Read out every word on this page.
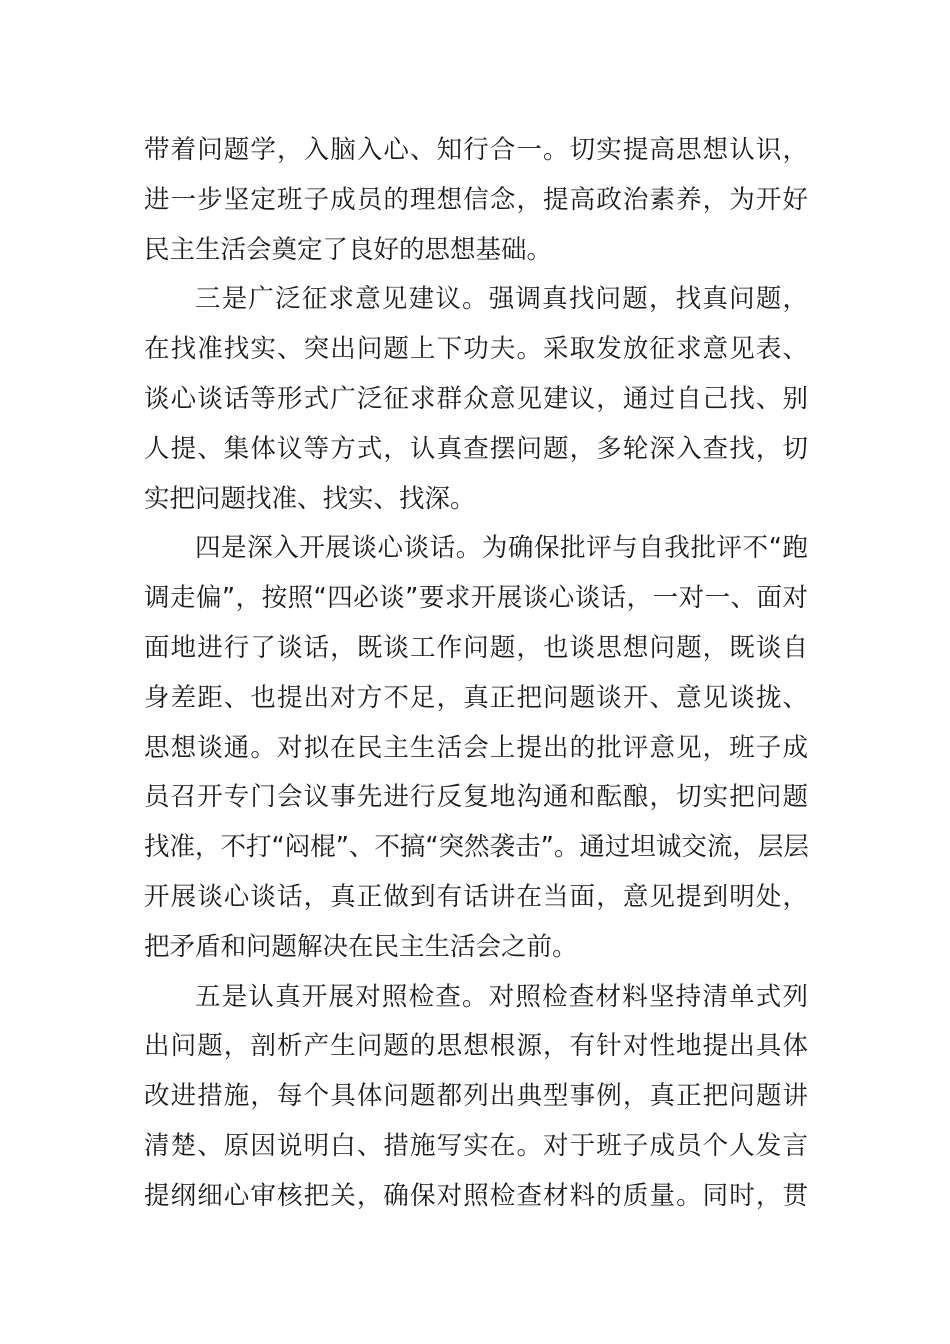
带着问题学，入脑入心、知行合一。切实提高思想认识，
进一步坚定班子成员的理想信念，提高政治素养，为开好
民主生活会奠定了良好的思想基础。
三是广泛征求意见建议。强调真找问题，找真问题，
在找准找实、突出问题上下功夫。采取发放征求意见表、
谈心谈话等形式广泛征求群众意见建议，通过自己找、别
人提、集体议等方式，认真查摆问题，多轮深入查找，切
实把问题找准、找实、找深。
四是深入开展谈心谈话。为确保批评与自我批评不“跑
调走偏”，按照“四必谈”要求开展谈心谈话，一对一、面对
面地进行了谈话，既谈工作问题，也谈思想问题，既谈自
身差距、也提出对方不足，真正把问题谈开、意见谈拢、
思想谈通。对拟在民主生活会上提出的批评意见，班子成
员召开专门会议事先进行反复地沟通和酝酿，切实把问题
找准，不打“闷棍”、不搞“突然袭击”。通过坦诚交流，层层
开展谈心谈话，真正做到有话讲在当面，意见提到明处，
把矛盾和问题解决在民主生活会之前。
五是认真开展对照检查。对照检查材料坚持清单式列
出问题，剖析产生问题的思想根源，有针对性地提出具体
改进措施，每个具体问题都列出典型事例，真正把问题讲
清楚、原因说明白、措施写实在。对于班子成员个人发言
提纲细心审核把关，确保对照检查材料的质量。同时，贯
